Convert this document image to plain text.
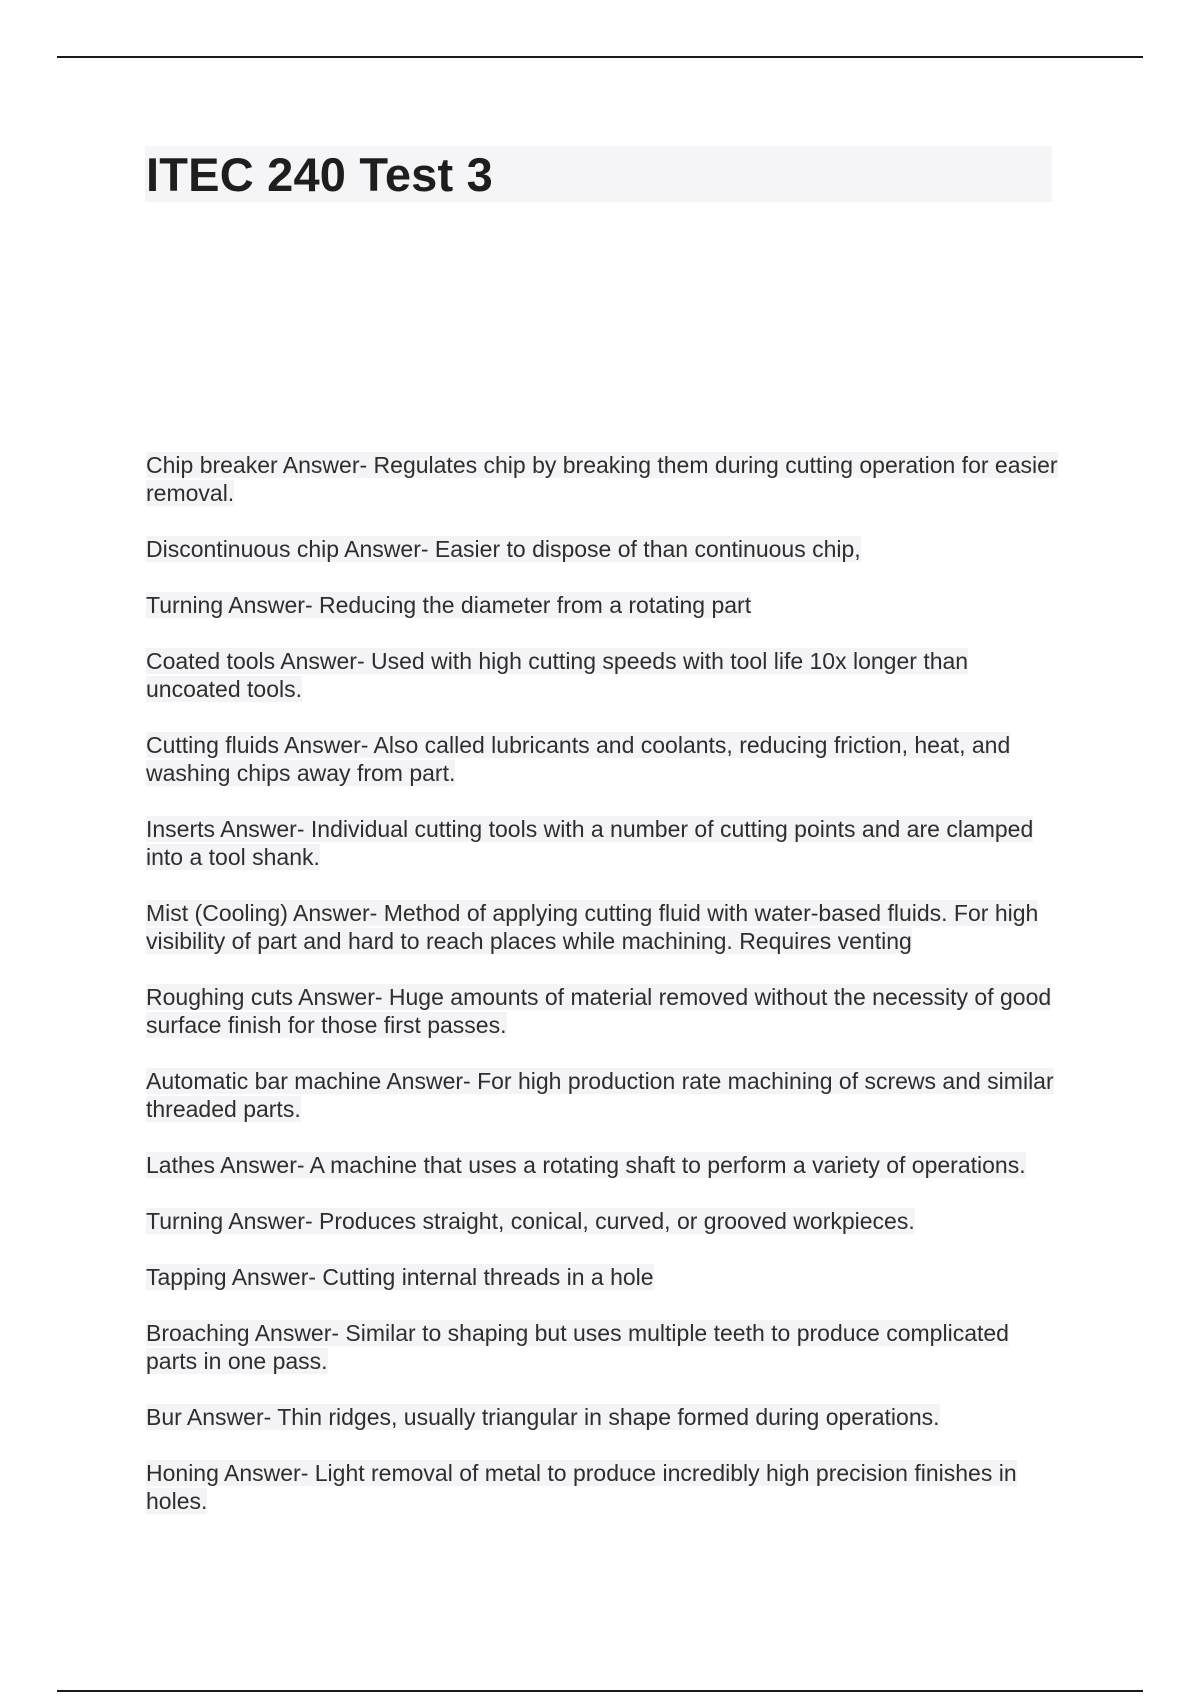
ITEC 240 Test 3
Chip breaker Answer- Regulates chip by breaking them during cutting operation for easier removal.
Discontinuous chip Answer- Easier to dispose of than continuous chip,
Turning Answer- Reducing the diameter from a rotating part
Coated tools Answer- Used with high cutting speeds with tool life 10x longer than uncoated tools.
Cutting fluids Answer- Also called lubricants and coolants, reducing friction, heat, and washing chips away from part.
Inserts Answer- Individual cutting tools with a number of cutting points and are clamped into a tool shank.
Mist (Cooling) Answer- Method of applying cutting fluid with water-based fluids. For high visibility of part and hard to reach places while machining. Requires venting
Roughing cuts Answer- Huge amounts of material removed without the necessity of good surface finish for those first passes.
Automatic bar machine Answer- For high production rate machining of screws and similar threaded parts.
Lathes Answer- A machine that uses a rotating shaft to perform a variety of operations.
Turning Answer- Produces straight, conical, curved, or grooved workpieces.
Tapping Answer- Cutting internal threads in a hole
Broaching Answer- Similar to shaping but uses multiple teeth to produce complicated parts in one pass.
Bur Answer- Thin ridges, usually triangular in shape formed during operations.
Honing Answer- Light removal of metal to produce incredibly high precision finishes in holes.
